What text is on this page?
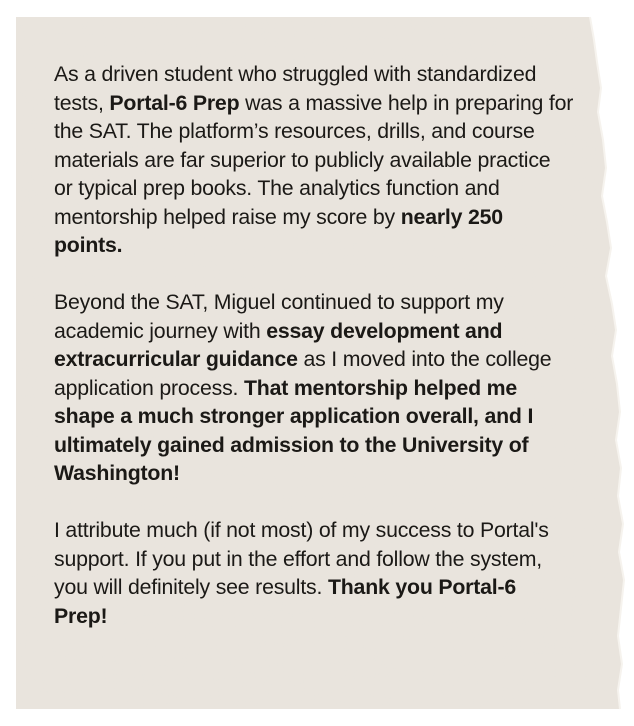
As a driven student who struggled with standardized tests, Portal-6 Prep was a massive help in preparing for the SAT. The platform’s resources, drills, and course materials are far superior to publicly available practice or typical prep books. The analytics function and mentorship helped raise my score by nearly 250 points.

Beyond the SAT, Miguel continued to support my academic journey with essay development and extracurricular guidance as I moved into the college application process. That mentorship helped me shape a much stronger application overall, and I ultimately gained admission to the University of Washington!

I attribute much (if not most) of my success to Portal's support. If you put in the effort and follow the system, you will definitely see results. Thank you Portal-6 Prep!
